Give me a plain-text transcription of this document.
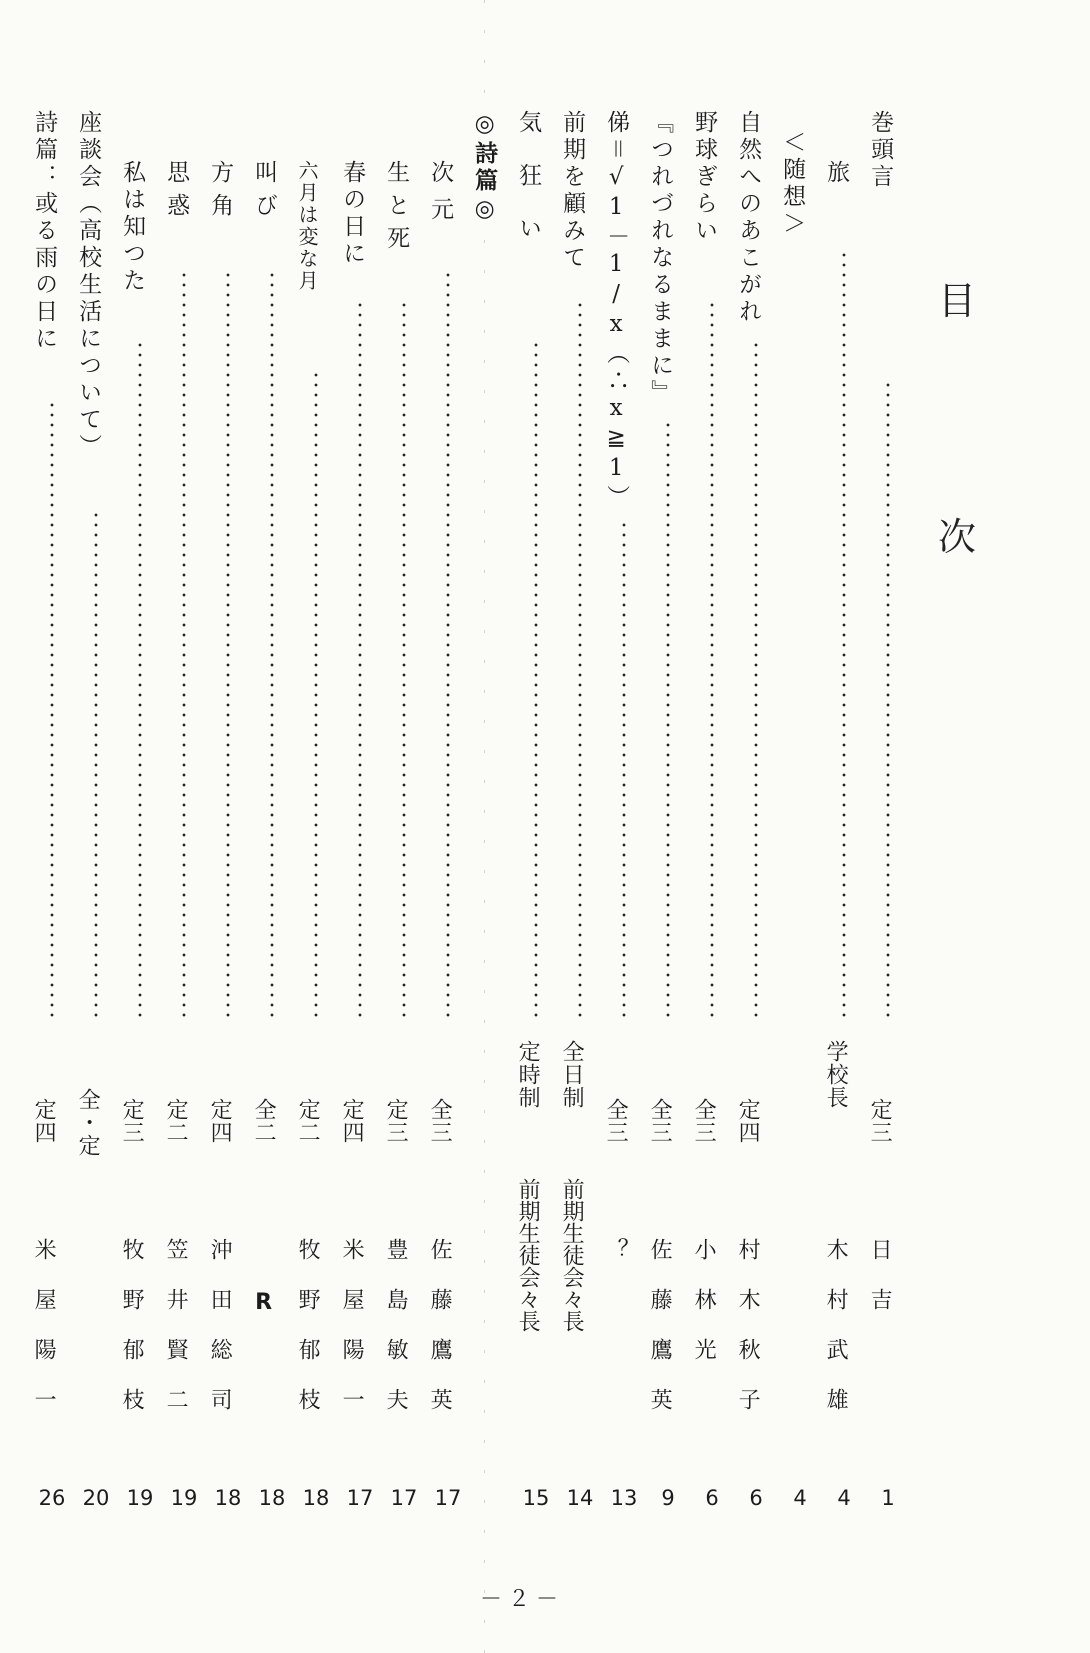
目
次
巻頭言
定三
日吉
1
旅
学校長
木村武雄
4
＜随想＞
4
自然へのあこがれ
定四
村木秋子
6
野球ぎらい
全三
小林光
6
『つれづれなるままに』
全三
佐藤鷹英
9
俤＝√1－1/x（∴x≧1）
全三
？
13
前期を顧みて
全日制
前期生徒会々長
14
気狂い
定時制
前期生徒会々長
15
◎詩篇◎
次元
全三
佐藤鷹英
17
生と死
定三
豊島敏夫
17
春の日に
定四
米屋陽一
17
六月は変な月
定二
牧野郁枝
18
叫び
全二
R
18
方角
定四
沖田総司
18
思惑
定二
笠井賢二
19
私は知つた
定三
牧野郁枝
19
座談会（高校生活について）
全・定
20
詩篇：或る雨の日に
定四
米屋陽一
26
－２－
